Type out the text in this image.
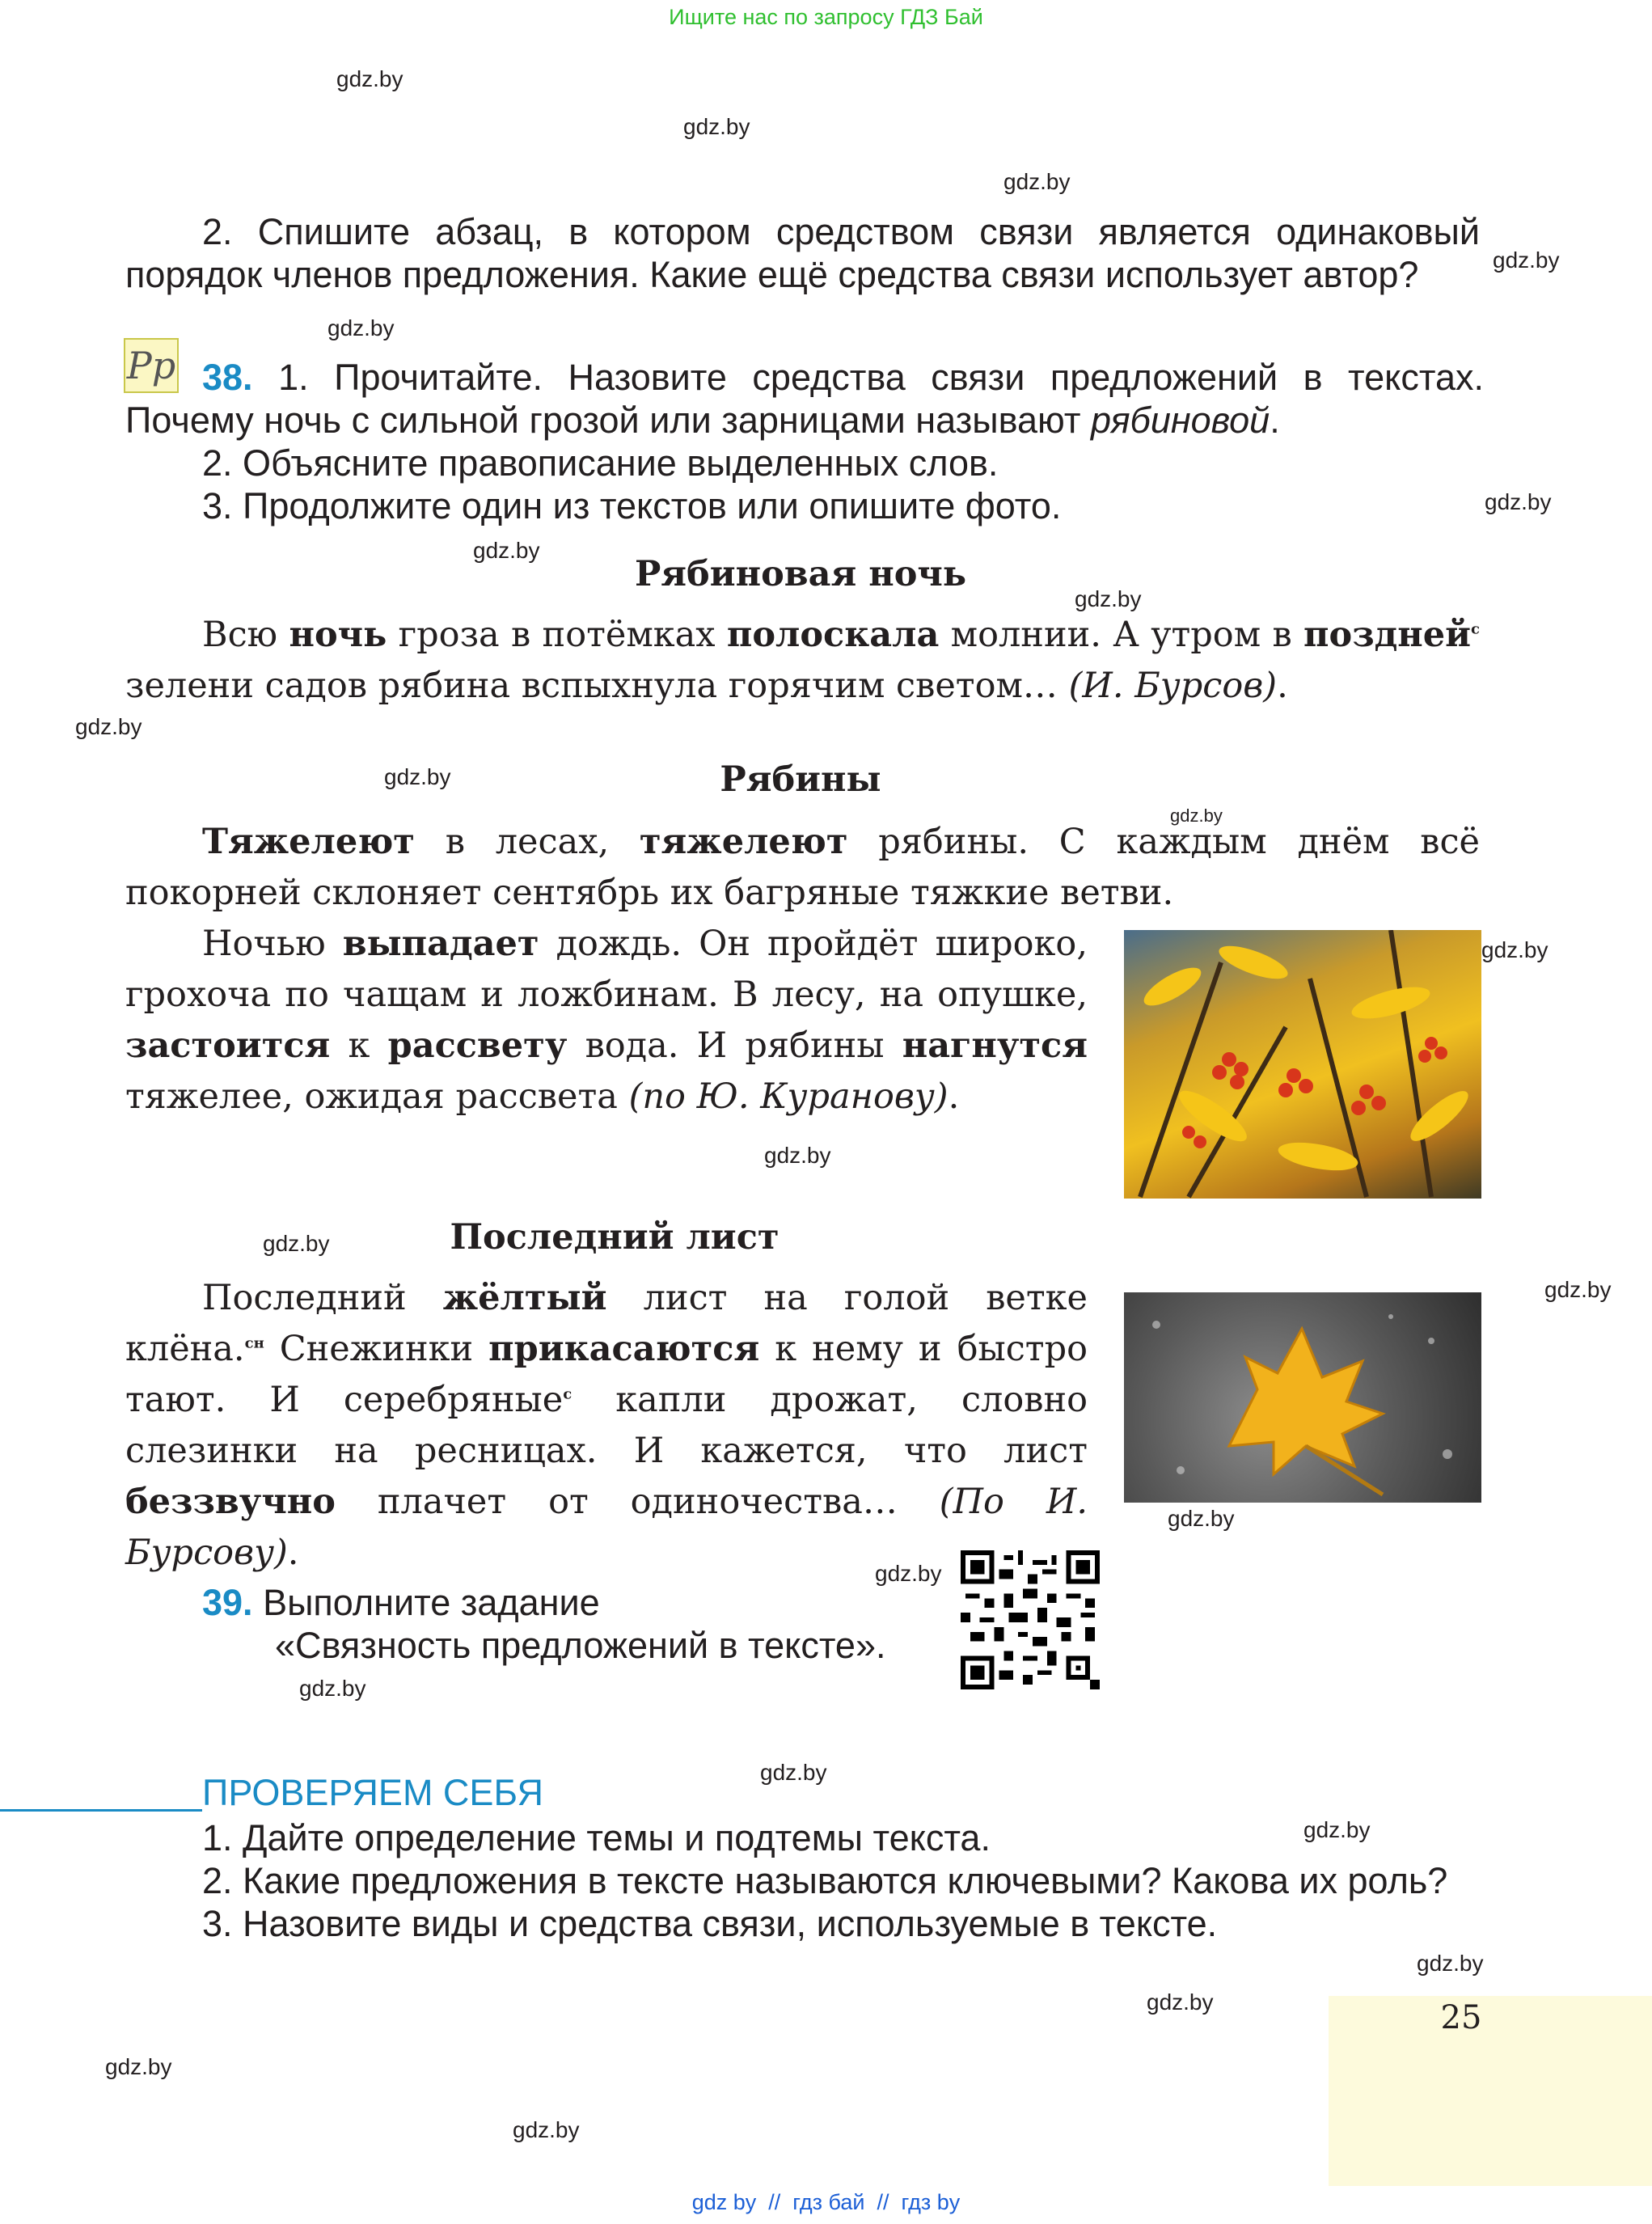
Ищите нас по запросу ГДЗ Бай
gdz.by
gdz.by
gdz.by
gdz.by
gdz.by
gdz.by
gdz.by
gdz.by
gdz.by
gdz.by
gdz.by
gdz.by
gdz.by
gdz.by
gdz.by
gdz.by
gdz.by
gdz.by
gdz.by
gdz.by
gdz.by
gdz.by
gdz.by
gdz.by
2. Спишите абзац, в котором средством связи является одинаковый порядок членов предложения. Какие ещё средства связи использует автор?
Рр 38. 1. Прочитайте. Назовите средства связи предложений в текстах. Почему ночь с сильной грозой или зарницами называют рябиновой.
2. Объясните правописание выделенных слов.
3. Продолжите один из текстов или опишите фото.
Рябиновая ночь
Всю ночь гроза в потёмках полоскала молнии. А утром в поздней$^с$ зелени садов рябина вспыхнула горячим светом… (И. Бурсов).
Рябины
Тяжелеют в лесах, тяжелеют рябины. С каждым днём всё покорней склоняет сентябрь их багряные тяжкие ветви.
Ночью выпадает дождь. Он пройдёт широко, грохоча по чащам и ложбинам. В лесу, на опушке, застоится к рассвету вода. И рябины нагнутся тяжелее, ожидая рассвета (по Ю. Куранову).
Последний лист
Последний жёлтый лист на голой ветке клёна.$^{сн}$ Снежинки прикасаются к нему и быстро тают. И серебряные$^с$ капли дрожат, словно слезинки на ресницах. И кажется, что лист беззвучно плачет от одиночества… (По И. Бурсову).
39. Выполните задание
«Связность предложений в тексте».
ПРОВЕРЯЕМ СЕБЯ
1. Дайте определение темы и подтемы текста.
2. Какие предложения в тексте называются ключевыми? Какова их роль?
3. Назовите виды и средства связи, используемые в тексте.
25
gdz by  //  гдз бай  //  гдз by
